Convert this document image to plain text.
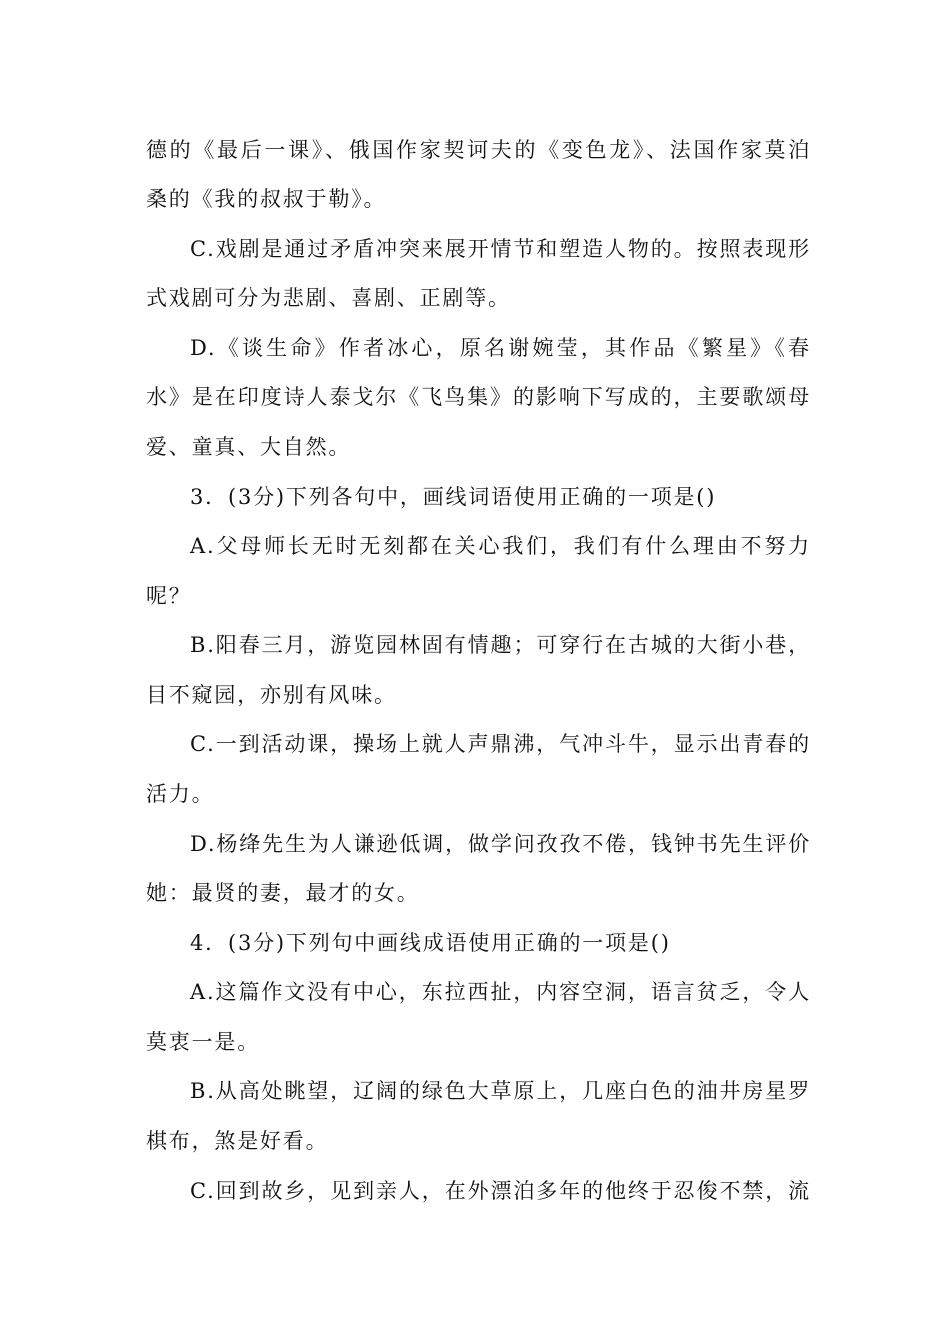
德的《最后一课》、俄国作家契诃夫的《变色龙》、法国作家莫泊
桑的《我的叔叔于勒》。
C.戏剧是通过矛盾冲突来展开情节和塑造人物的。按照表现形
式戏剧可分为悲剧、喜剧、正剧等。
D.《谈生命》作者冰心，原名谢婉莹，其作品《繁星》《春
水》是在印度诗人泰戈尔《飞鸟集》的影响下写成的，主要歌颂母
爱、童真、大自然。
3．(3分)下列各句中，画线词语使用正确的一项是()
A.父母师长无时无刻都在关心我们，我们有什么理由不努力
呢？
B.阳春三月，游览园林固有情趣；可穿行在古城的大街小巷，
目不窥园，亦别有风味。
C.一到活动课，操场上就人声鼎沸，气冲斗牛，显示出青春的
活力。
D.杨绛先生为人谦逊低调，做学问孜孜不倦，钱钟书先生评价
她：最贤的妻，最才的女。
4．(3分)下列句中画线成语使用正确的一项是()
A.这篇作文没有中心，东拉西扯，内容空洞，语言贫乏，令人
莫衷一是。
B.从高处眺望，辽阔的绿色大草原上，几座白色的油井房星罗
棋布，煞是好看。
C.回到故乡，见到亲人，在外漂泊多年的他终于忍俊不禁，流
